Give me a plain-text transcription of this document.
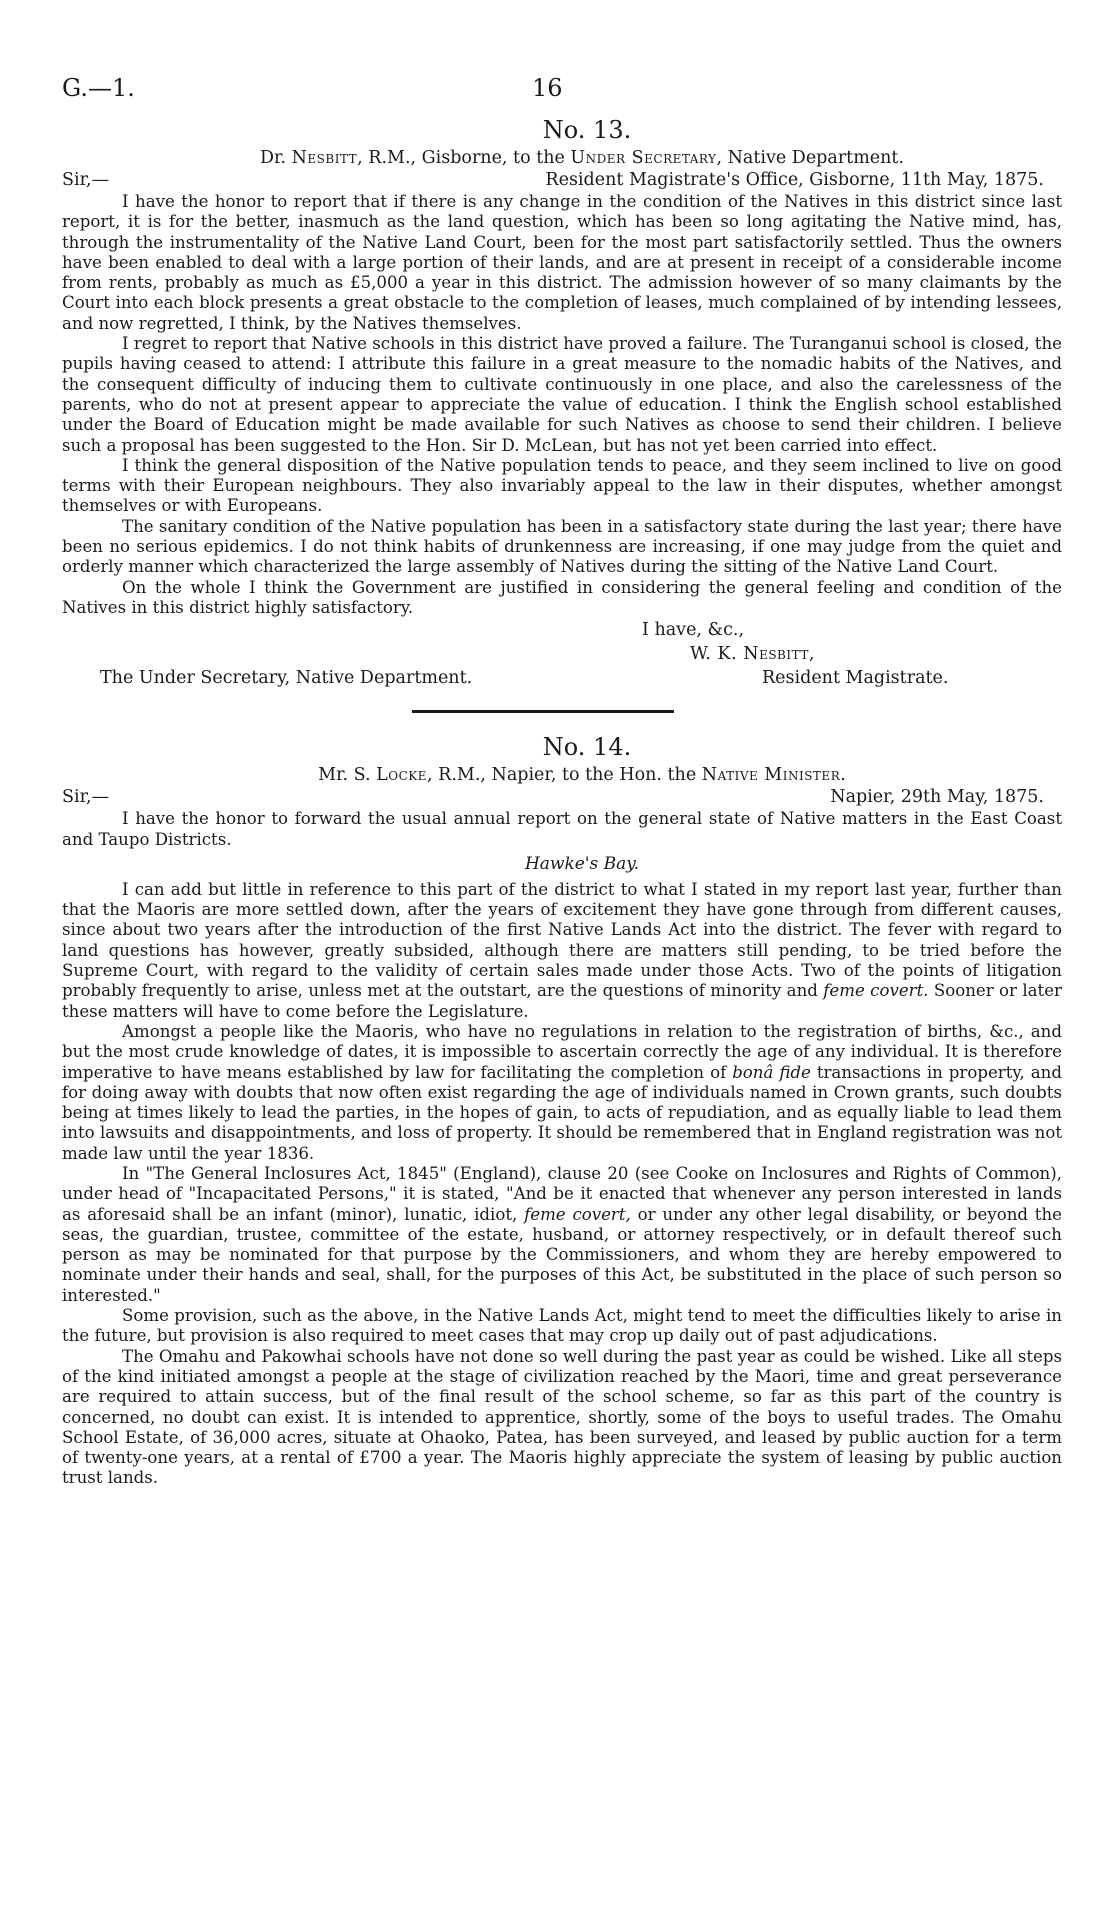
G.—1.	16
No. 13.
Dr. Nesbitt, R.M., Gisborne, to the Under Secretary, Native Department.
Sir,—	Resident Magistrate's Office, Gisborne, 11th May, 1875.

I have the honor to report that if there is any change in the condition of the Natives in this district since last report, it is for the better, inasmuch as the land question, which has been so long agitating the Native mind, has, through the instrumentality of the Native Land Court, been for the most part satisfactorily settled. Thus the owners have been enabled to deal with a large portion of their lands, and are at present in receipt of a considerable income from rents, probably as much as £5,000 a year in this district. The admission however of so many claimants by the Court into each block presents a great obstacle to the completion of leases, much complained of by intending lessees, and now regretted, I think, by the Natives themselves.

I regret to report that Native schools in this district have proved a failure. The Turanganui school is closed, the pupils having ceased to attend: I attribute this failure in a great measure to the nomadic habits of the Natives, and the consequent difficulty of inducing them to cultivate continuously in one place, and also the carelessness of the parents, who do not at present appear to appreciate the value of education. I think the English school established under the Board of Education might be made available for such Natives as choose to send their children. I believe such a proposal has been suggested to the Hon. Sir D. McLean, but has not yet been carried into effect.

I think the general disposition of the Native population tends to peace, and they seem inclined to live on good terms with their European neighbours. They also invariably appeal to the law in their disputes, whether amongst themselves or with Europeans.

The sanitary condition of the Native population has been in a satisfactory state during the last year; there have been no serious epidemics. I do not think habits of drunkenness are increasing, if one may judge from the quiet and orderly manner which characterized the large assembly of Natives during the sitting of the Native Land Court.

On the whole I think the Government are justified in considering the general feeling and condition of the Natives in this district highly satisfactory.

I have, &c.,
W. K. Nesbitt,
The Under Secretary, Native Department.	Resident Magistrate.
No. 14.
Mr. S. Locke, R.M., Napier, to the Hon. the Native Minister.
Sir,—	Napier, 29th May, 1875.

I have the honor to forward the usual annual report on the general state of Native matters in the East Coast and Taupo Districts.

Hawke's Bay.

I can add but little in reference to this part of the district to what I stated in my report last year, further than that the Maoris are more settled down, after the years of excitement they have gone through from different causes, since about two years after the introduction of the first Native Lands Act into the district. The fever with regard to land questions has however, greatly subsided, although there are matters still pending, to be tried before the Supreme Court, with regard to the validity of certain sales made under those Acts. Two of the points of litigation probably frequently to arise, unless met at the outstart, are the questions of minority and feme covert. Sooner or later these matters will have to come before the Legislature.

Amongst a people like the Maoris, who have no regulations in relation to the registration of births, &c., and but the most crude knowledge of dates, it is impossible to ascertain correctly the age of any individual. It is therefore imperative to have means established by law for facilitating the completion of bonâ fide transactions in property, and for doing away with doubts that now often exist regarding the age of individuals named in Crown grants, such doubts being at times likely to lead the parties, in the hopes of gain, to acts of repudiation, and as equally liable to lead them into lawsuits and disappointments, and loss of property. It should be remembered that in England registration was not made law until the year 1836.

In "The General Inclosures Act, 1845" (England), clause 20 (see Cooke on Inclosures and Rights of Common), under head of "Incapacitated Persons," it is stated, "And be it enacted that whenever any person interested in lands as aforesaid shall be an infant (minor), lunatic, idiot, feme covert, or under any other legal disability, or beyond the seas, the guardian, trustee, committee of the estate, husband, or attorney respectively, or in default thereof such person as may be nominated for that purpose by the Commissioners, and whom they are hereby empowered to nominate under their hands and seal, shall, for the purposes of this Act, be substituted in the place of such person so interested."

Some provision, such as the above, in the Native Lands Act, might tend to meet the difficulties likely to arise in the future, but provision is also required to meet cases that may crop up daily out of past adjudications.

The Omahu and Pakowhai schools have not done so well during the past year as could be wished. Like all steps of the kind initiated amongst a people at the stage of civilization reached by the Maori, time and great perseverance are required to attain success, but of the final result of the school scheme, so far as this part of the country is concerned, no doubt can exist. It is intended to apprentice, shortly, some of the boys to useful trades. The Omahu School Estate, of 36,000 acres, situate at Ohaoko, Patea, has been surveyed, and leased by public auction for a term of twenty-one years, at a rental of £700 a year. The Maoris highly appreciate the system of leasing by public auction trust lands.
